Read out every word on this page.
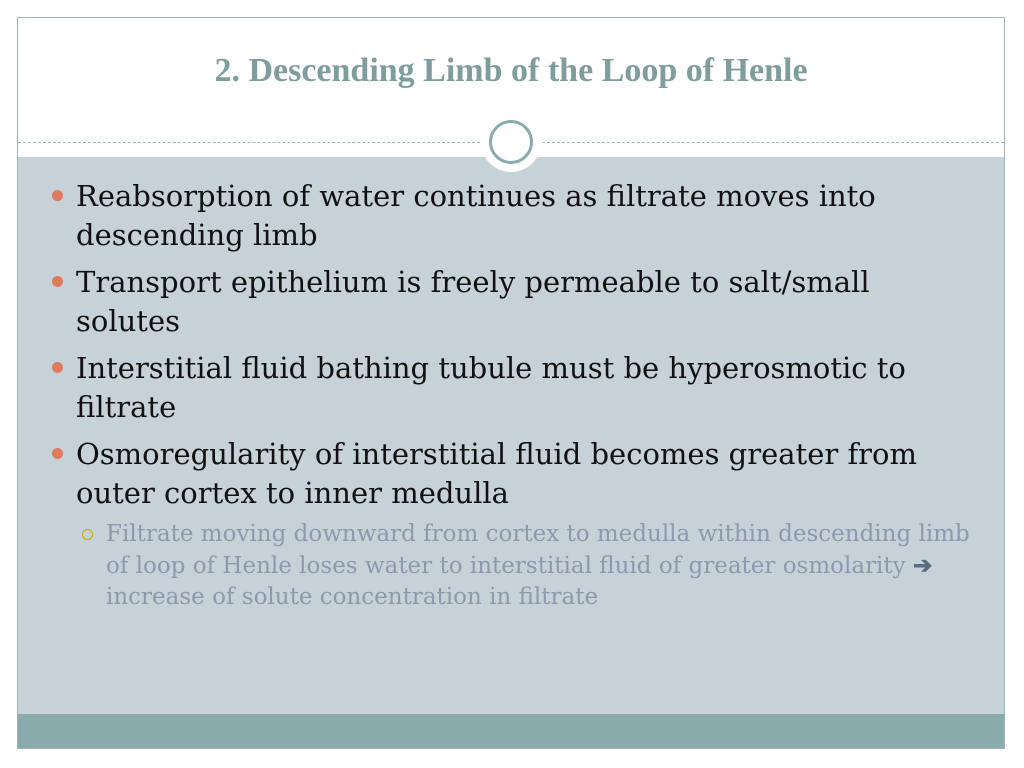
2. Descending Limb of the Loop of Henle
Reabsorption of water continues as filtrate moves into descending limb
Transport epithelium is freely permeable to salt/small solutes
Interstitial fluid bathing tubule must be hyperosmotic to filtrate
Osmoregularity of interstitial fluid becomes greater from outer cortex to inner medulla
Filtrate moving downward from cortex to medulla within descending limb of loop of Henle loses water to interstitial fluid of greater osmolarity ➔ increase of solute concentration in filtrate
